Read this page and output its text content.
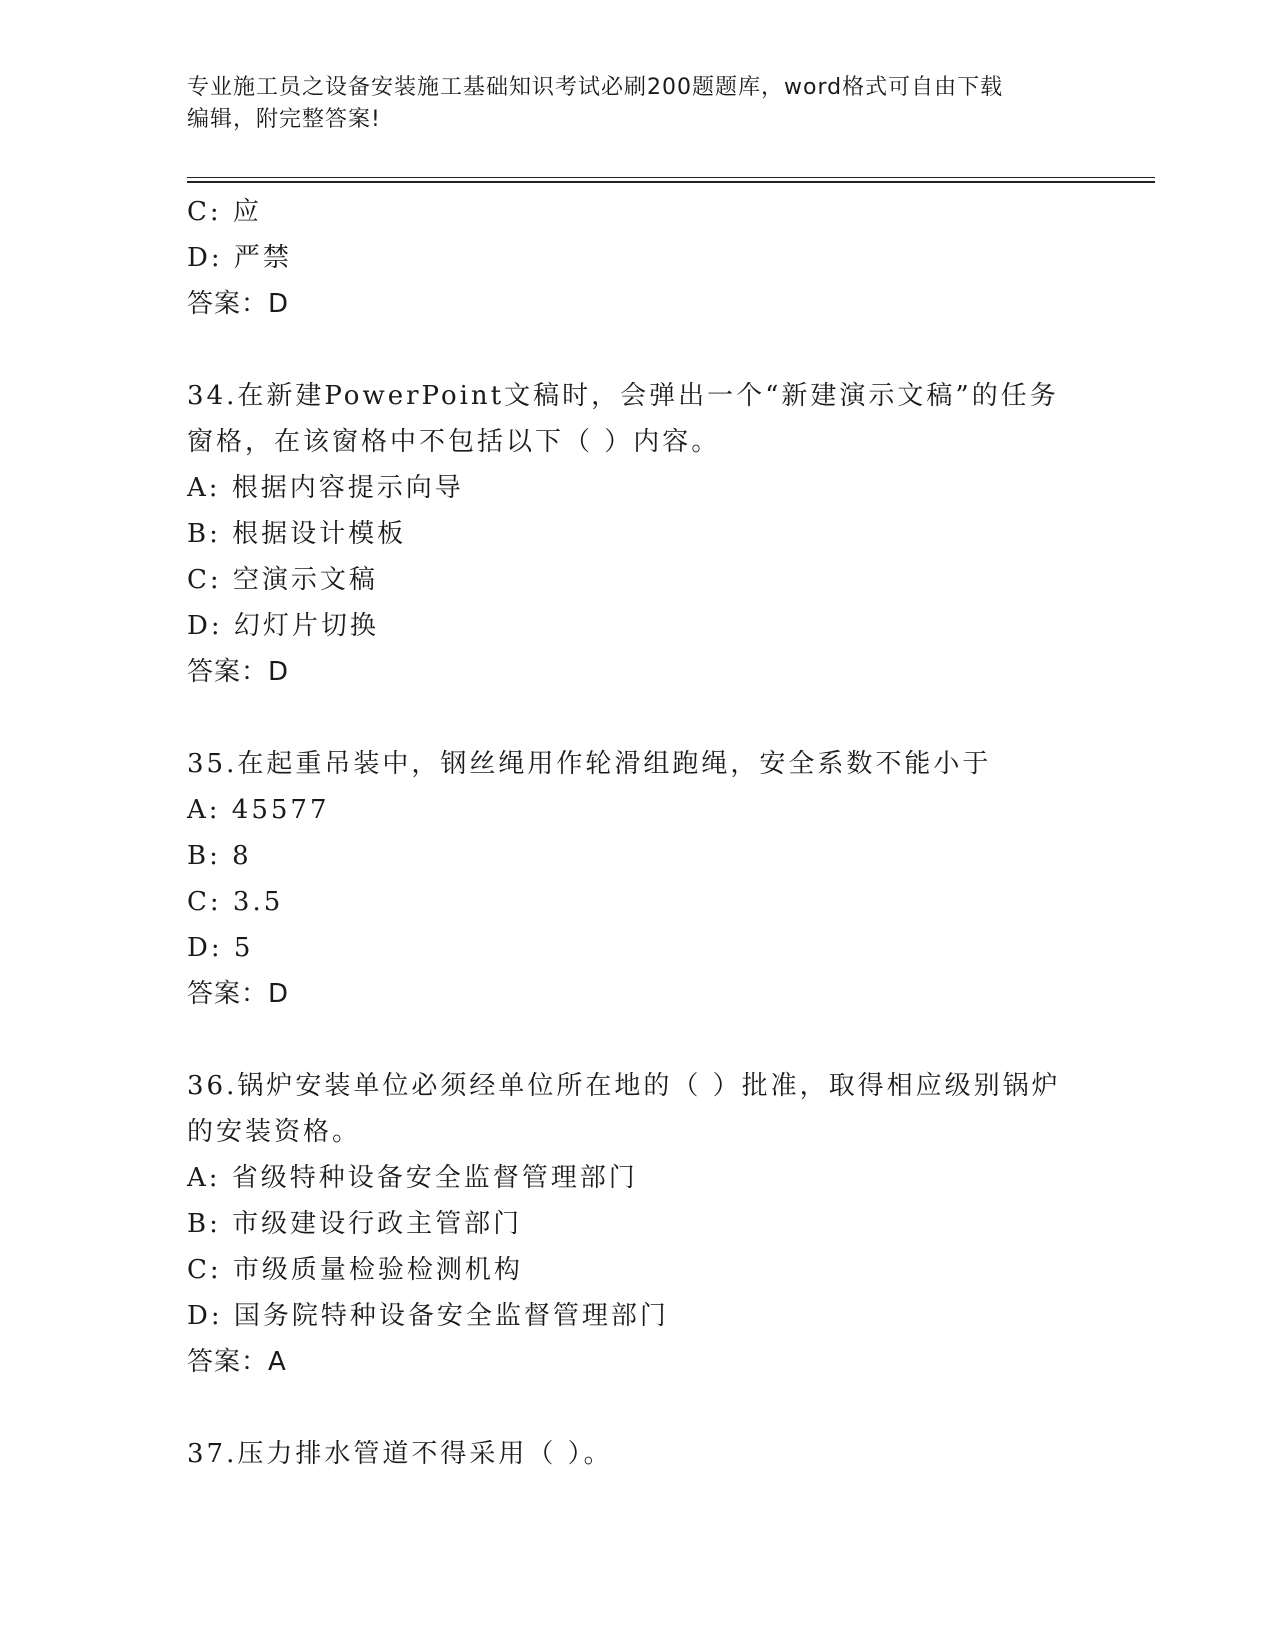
专业施工员之设备安装施工基础知识考试必刷200题题库，word格式可自由下载
编辑，附完整答案!
C: 应
D: 严禁
答案：D
34.在新建PowerPoint文稿时，会弹出一个“新建演示文稿”的任务
窗格，在该窗格中不包括以下（ ）内容。
A: 根据内容提示向导
B: 根据设计模板
C: 空演示文稿
D: 幻灯片切换
答案：D
35.在起重吊装中，钢丝绳用作轮滑组跑绳，安全系数不能小于
A: 45577
B: 8
C: 3.5
D: 5
答案：D
36.锅炉安装单位必须经单位所在地的（ ）批准，取得相应级别锅炉
的安装资格。
A: 省级特种设备安全监督管理部门
B: 市级建设行政主管部门
C: 市级质量检验检测机构
D: 国务院特种设备安全监督管理部门
答案：A
37.压力排水管道不得采用（ ）。
